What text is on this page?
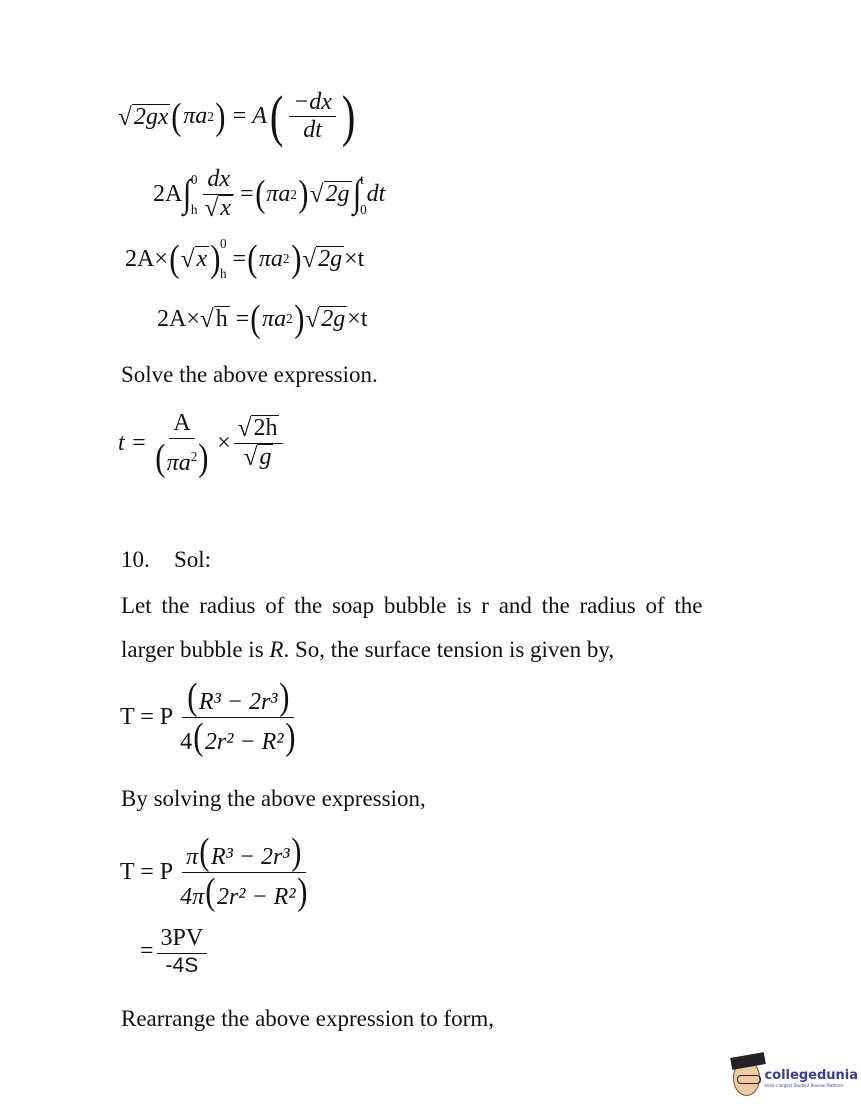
√ 2gx ( πa 2 ) = A ( $\frac{-dx}{dt}$ )
2A ∫ 0
h $\frac{dx}{√ x}$ = ( πa 2 ) √ 2g ∫ t
0
dt
2A× ( √ x ) 0
h
= ( πa 2 ) √ 2g ×t
2A× √ h = ( πa 2 ) √ 2g ×t
Solve the above expression.
$t = \frac{A}{(\pi a^2)} \times \frac{√ 2h}{√ g}$
10. Sol:
Let the radius of the soap bubble is r and the radius of the
larger bubble is R. So, the surface tension is given by,
T = P $\frac{\text{(R³ − 2r³)}}{\text{4(2r² − R²)}}$
By solving the above expression,
T = P $\frac{\text{π(R³ − 2r³)}}{\text{4π(2r² − R²)}}$
= $\frac{3PV}{-4S}$
Rearrange the above expression to form,
collegedunia
India's largest Student Review Platform
